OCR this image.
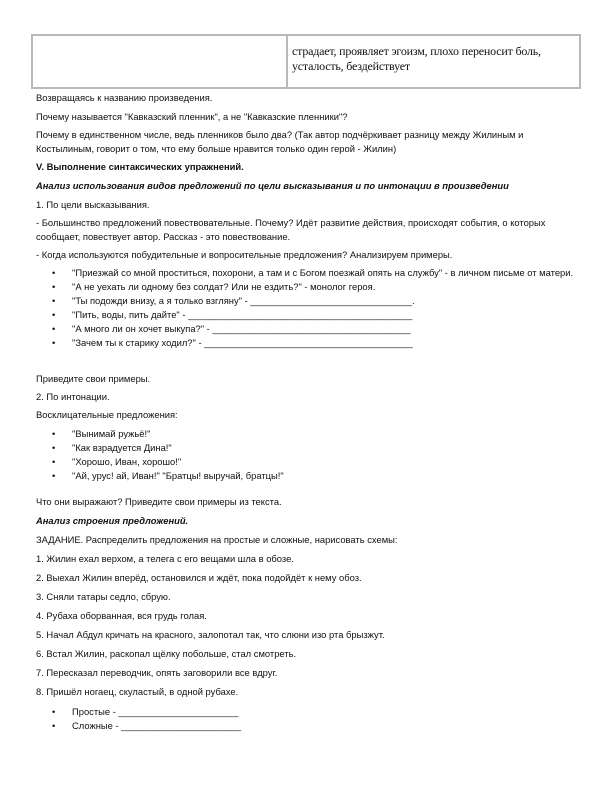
страдает, проявляет эгоизм, плохо переносит боль, усталость, бездействует

Возвращаясь к названию произведения.

Почему называется "Кавказский пленник", а не "Кавказские пленники"?

Почему в единственном числе, ведь пленников было два? (Так автор подчёркивает разницу между Жилиным и Костылиным, говорит о том, что ему больше нравится только один герой - Жилин)

V. Выполнение синтаксических упражнений.

Анализ использования видов предложений по цели высказывания и по интонации в произведении

1. По цели высказывания.

- Большинство предложений повествовательные. Почему? Идёт развитие действия, происходят события, о которых сообщает, повествует автор. Рассказ - это повествование.

- Когда используются побудительные и вопросительные предложения? Анализируем примеры.

• "Приезжай со мной проститься, похорони, а там и с Богом поезжай опять на службу" - в личном письме от матери.
• "А не уехать ли одному без солдат? Или не ездить?" - монолог героя.
• "Ты подожди внизу, а я только взгляну" - _______________________________.
• "Пить, воды, пить дайте" - ___________________________________________
• "А много ли он хочет выкупа?" - ______________________________________
• "Зачем ты к старику ходил?" - ________________________________________

Приведите свои примеры.

2. По интонации.

Восклицательные предложения:

• "Вынимай ружьё!"
• "Как взрадуется Дина!"
• "Хорошо, Иван, хорошо!"
• "Ай, урус! ай, Иван!" "Братцы! выручай, братцы!"

Что они выражают? Приведите свои примеры из текста.

Анализ строения предложений.

ЗАДАНИЕ. Распределить предложения на простые и сложные, нарисовать схемы:

1. Жилин ехал верхом, а телега с его вещами шла в обозе.

2. Выехал Жилин вперёд, остановился и ждёт, пока подойдёт к нему обоз.

3. Сняли татары седло, сбрую.

4. Рубаха оборванная, вся грудь голая.

5. Начал Абдул кричать на красного, залопотал так, что слюни изо рта брызжут.

6. Встал Жилин, раскопал щёлку побольше, стал смотреть.

7. Пересказал переводчик, опять заговорили все вдруг.

8. Пришёл ногаец, скуластый, в одной рубахе.

• Простые - _______________________
• Сложные - _______________________
